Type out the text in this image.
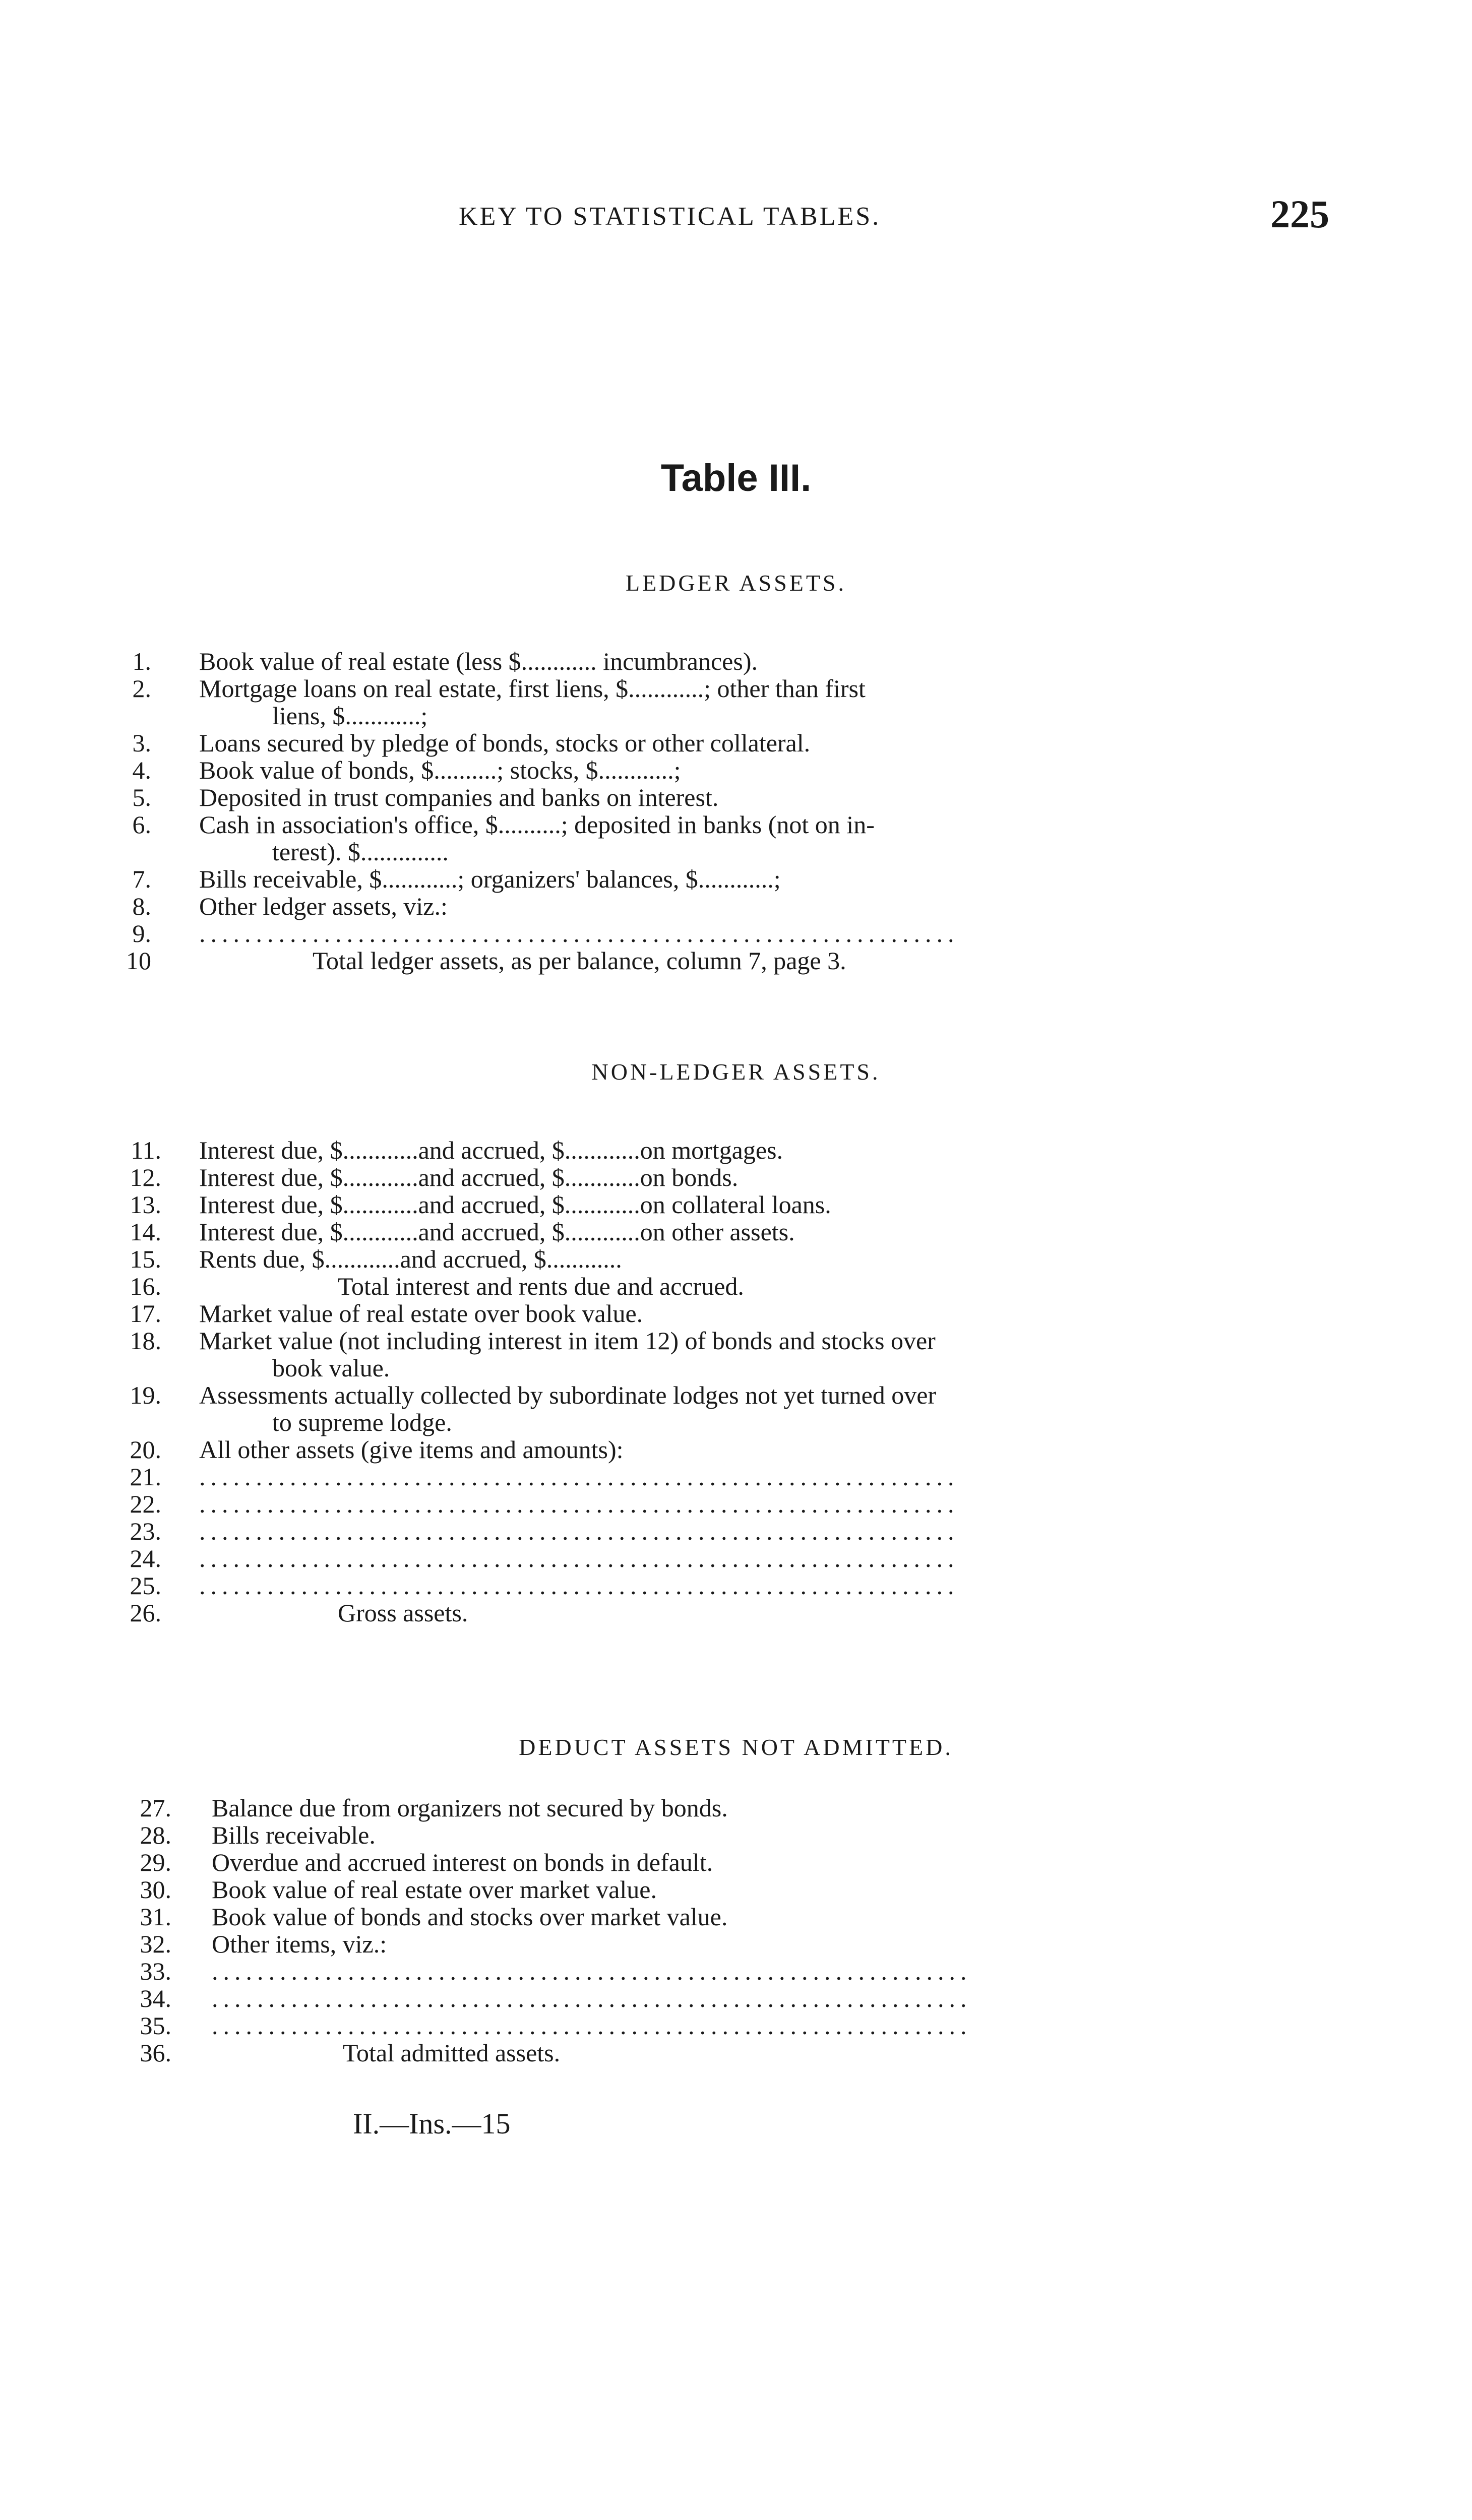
KEY TO STATISTICAL TABLES.	225
Table III.
LEDGER ASSETS.
1. Book value of real estate (less $............ incumbrances).
2. Mortgage loans on real estate, first liens, $............; other than first
liens, $............;
3. Loans secured by pledge of bonds, stocks or other collateral.
4. Book value of bonds, $..........; stocks, $............;
5. Deposited in trust companies and banks on interest.
6. Cash in association's office, $..........; deposited in banks (not on in-
terest). $..............
7. Bills receivable, $............; organizers' balances, $............;
8. Other ledger assets, viz.:
9. ...................................................................
10	Total ledger assets, as per balance, column 7, page 3.
NON-LEDGER ASSETS.
11. Interest due, $............and accrued, $............on mortgages.
12. Interest due, $............and accrued, $............on bonds.
13. Interest due, $............and accrued, $............on collateral loans.
14. Interest due, $............and accrued, $............on other assets.
15. Rents due, $............and accrued, $............
16.	Total interest and rents due and accrued.
17. Market value of real estate over book value.
18. Market value (not including interest in item 12) of bonds and stocks over
book value.
19. Assessments actually collected by subordinate lodges not yet turned over
to supreme lodge.
20. All other assets (give items and amounts):
21. ...................................................................
22. ...................................................................
23. ...................................................................
24. ...................................................................
25. ...................................................................
26.	Gross assets.
DEDUCT ASSETS NOT ADMITTED.
27. Balance due from organizers not secured by bonds.
28. Bills receivable.
29. Overdue and accrued interest on bonds in default.
30. Book value of real estate over market value.
31. Book value of bonds and stocks over market value.
32. Other items, viz.:
33. ...................................................................
34. ...................................................................
35. ...................................................................
36.	Total admitted assets.
II.—Ins.—15
